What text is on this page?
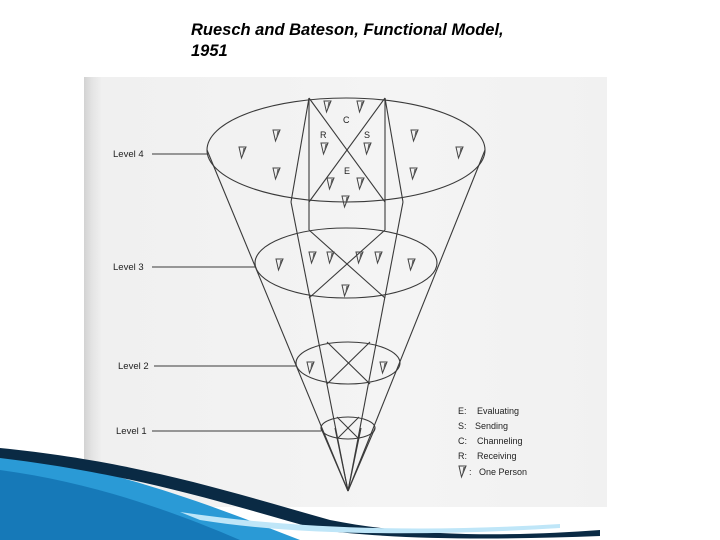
Ruesch and Bateson, Functional Model, 1951
Level 4
Level 3
Level 2
Level 1
C
R	S
E
E: Evaluating
S: Sending
C: Channeling
R: Receiving
: One Person
